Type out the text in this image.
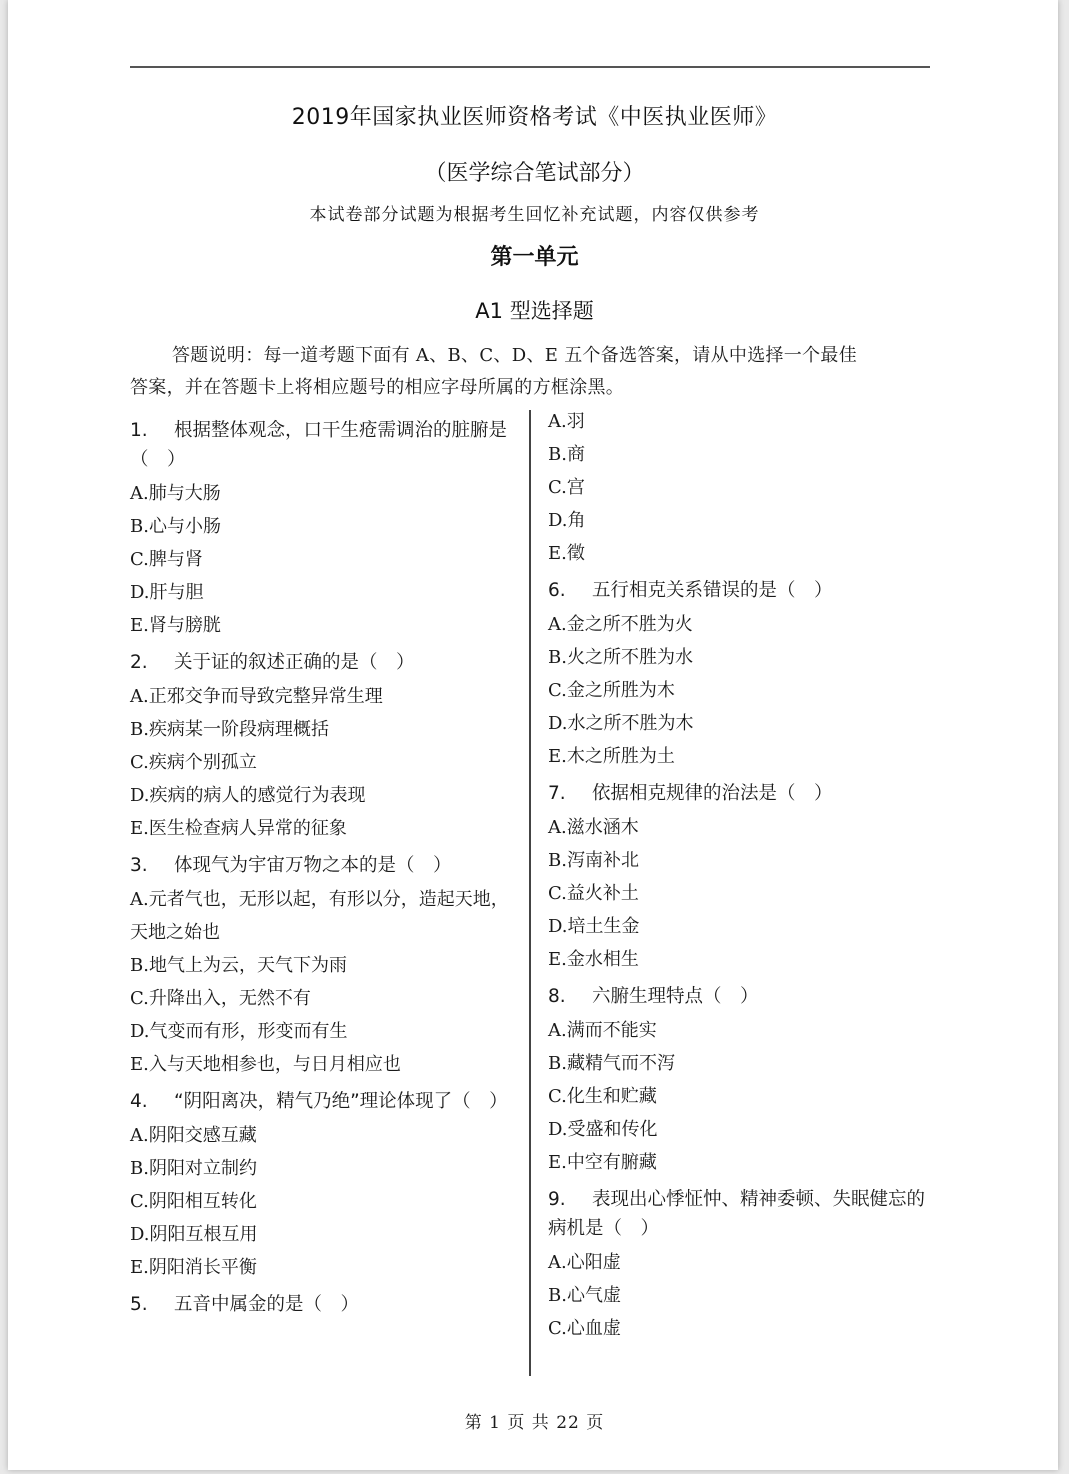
2019年国家执业医师资格考试《中医执业医师》
（医学综合笔试部分）
本试卷部分试题为根据考生回忆补充试题，内容仅供参考
第一单元
A1 型选择题
答题说明：每一道考题下面有 A、B、C、D、E 五个备选答案，请从中选择一个最佳
答案，并在答题卡上将相应题号的相应字母所属的方框涂黑。
1. 根据整体观念，口干生疮需调治的脏腑是（　）
A.肺与大肠
B.心与小肠
C.脾与肾
D.肝与胆
E.肾与膀胱
2. 关于证的叙述正确的是（　）
A.正邪交争而导致完整异常生理
B.疾病某一阶段病理概括
C.疾病个别孤立
D.疾病的病人的感觉行为表现
E.医生检查病人异常的征象
3. 体现气为宇宙万物之本的是（　）
A.元者气也，无形以起，有形以分，造起天地，天地之始也
B.地气上为云，天气下为雨
C.升降出入，无然不有
D.气变而有形，形变而有生
E.入与天地相参也，与日月相应也
4. “阴阳离决，精气乃绝”理论体现了（　）
A.阴阳交感互藏
B.阴阳对立制约
C.阴阳相互转化
D.阴阳互根互用
E.阴阳消长平衡
5. 五音中属金的是（　）
A.羽
B.商
C.宫
D.角
E.徵
6. 五行相克关系错误的是（　）
A.金之所不胜为火
B.火之所不胜为水
C.金之所胜为木
D.水之所不胜为木
E.木之所胜为土
7. 依据相克规律的治法是（　）
A.滋水涵木
B.泻南补北
C.益火补土
D.培土生金
E.金水相生
8. 六腑生理特点（　）
A.满而不能实
B.藏精气而不泻
C.化生和贮藏
D.受盛和传化
E.中空有腑藏
9. 表现出心悸怔忡、精神委顿、失眠健忘的病机是（　）
A.心阳虚
B.心气虚
C.心血虚
第 1 页 共 22 页
